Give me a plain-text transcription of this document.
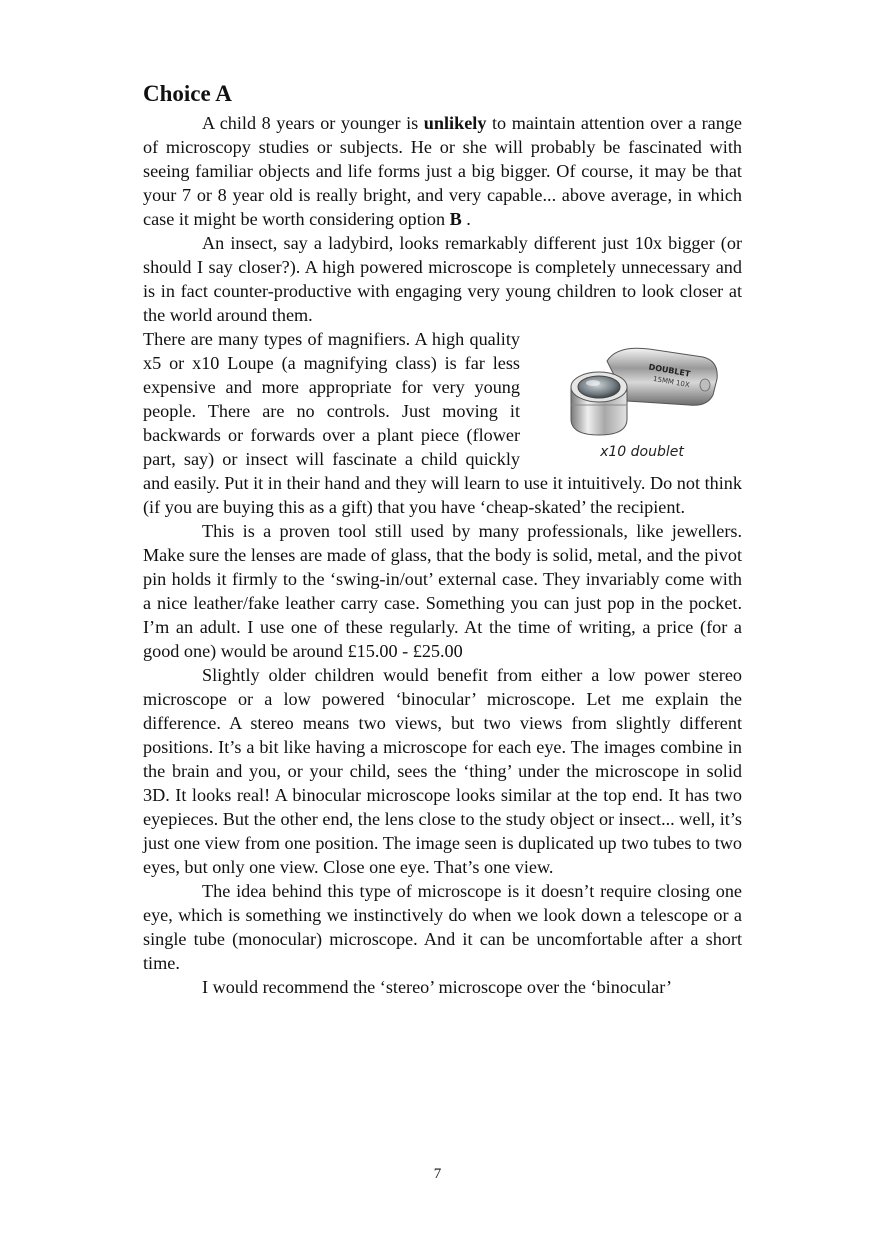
Choice A

A child 8 years or younger is unlikely to maintain attention over a range of microscopy studies or subjects. He or she will probably be fascinated with seeing familiar objects and life forms just a big bigger. Of course, it may be that your 7 or 8 year old is really bright, and very capable... above average, in which case it might be worth considering option B .

An insect, say a ladybird, looks remarkably different just 10x bigger (or should I say closer?). A high powered microscope is completely unnecessary and is in fact counter-productive with engaging very young children to look closer at the world around them.

DOUBLET
15MM 10X
x10 doublet

There are many types of magnifiers. A high quality x5 or x10 Loupe (a magnifying class) is far less expensive and more appropriate for very young people. There are no controls. Just moving it backwards or forwards over a plant piece (flower part, say) or insect will fascinate a child quickly and easily. Put it in their hand and they will learn to use it intuitively. Do not think (if you are buying this as a gift) that you have ‘cheap-skated’ the recipient.

This is a proven tool still used by many professionals, like jewellers. Make sure the lenses are made of glass, that the body is solid, metal, and the pivot pin holds it firmly to the ‘swing-in/out’ external case. They invariably come with a nice leather/fake leather carry case. Something you can just pop in the pocket. I’m an adult. I use one of these regularly. At the time of writing, a price (for a good one) would be around £15.00 - £25.00

Slightly older children would benefit from either a low power stereo microscope or a low powered ‘binocular’ microscope. Let me explain the difference. A stereo means two views, but two views from slightly different positions. It’s a bit like having a microscope for each eye. The images combine in the brain and you, or your child, sees the ‘thing’ under the microscope in solid 3D. It looks real! A binocular microscope looks similar at the top end. It has two eyepieces. But the other end, the lens close to the study object or insect... well, it’s just one view from one position. The image seen is duplicated up two tubes to two eyes, but only one view. Close one eye. That’s one view.

The idea behind this type of microscope is it doesn’t require closing one eye, which is something we instinctively do when we look down a telescope or a single tube (monocular) microscope. And it can be uncomfortable after a short time.

I would recommend the ‘stereo’ microscope over the ‘binocular’

7
